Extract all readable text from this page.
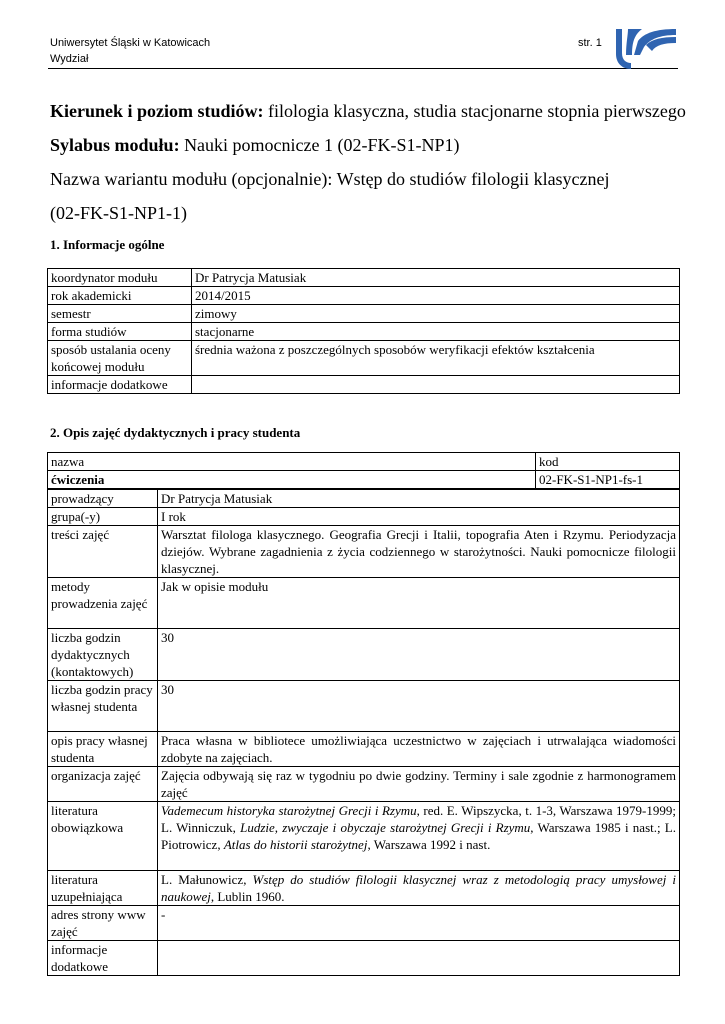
Uniwersytet Śląski w Katowicach
Wydział
str. 1
Kierunek i poziom studiów: filologia klasyczna, studia stacjonarne stopnia pierwszego
Sylabus modułu: Nauki pomocnicze 1 (02-FK-S1-NP1)
Nazwa wariantu modułu (opcjonalnie): Wstęp do studiów filologii klasycznej
(02-FK-S1-NP1-1)
1. Informacje ogólne
koordynator modułu	Dr Patrycja Matusiak
rok akademicki	2014/2015
semestr	zimowy
forma studiów	stacjonarne
sposób ustalania oceny końcowej modułu	średnia ważona z poszczególnych sposobów weryfikacji efektów kształcenia
informacje dodatkowe	
2. Opis zajęć dydaktycznych i pracy studenta
nazwa	kod
ćwiczenia	02-FK-S1-NP1-fs-1
prowadzący	Dr Patrycja Matusiak
grupa(-y)	I rok
treści zajęć	Warsztat filologa klasycznego. Geografia Grecji i Italii, topografia Aten i Rzymu. Periodyzacja dziejów. Wybrane zagadnienia z życia codziennego w starożytności. Nauki pomocnicze filologii klasycznej.
metody prowadzenia zajęć	Jak w opisie modułu
liczba godzin dydaktycznych (kontaktowych)	30
liczba godzin pracy własnej studenta	30
opis pracy własnej studenta	Praca własna w bibliotece umożliwiająca uczestnictwo w zajęciach i utrwalająca wiadomości zdobyte na zajęciach.
organizacja zajęć	Zajęcia odbywają się raz w tygodniu po dwie godziny. Terminy i sale zgodnie z harmonogramem zajęć
literatura obowiązkowa	Vademecum historyka starożytnej Grecji i Rzymu, red. E. Wipszycka, t. 1-3, Warszawa 1979-1999; L. Winniczuk, Ludzie, zwyczaje i obyczaje starożytnej Grecji i Rzymu, Warszawa 1985 i nast.; L. Piotrowicz, Atlas do historii starożytnej, Warszawa 1992 i nast.
literatura uzupełniająca	L. Małunowicz, Wstęp do studiów filologii klasycznej wraz z metodologią pracy umysłowej i naukowej, Lublin 1960.
adres strony www zajęć	-
informacje dodatkowe	
